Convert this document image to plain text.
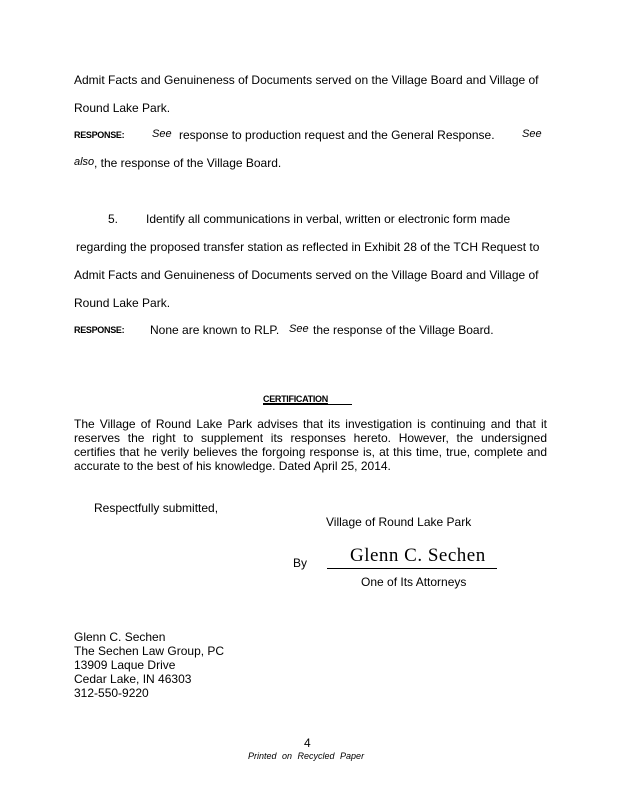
Admit Facts and Genuineness of Documents served on the Village Board and Village of
Round Lake Park.
RESPONSE:	See response to production request and the General Response. See
also , the response of the Village Board.
5. Identify all communications in verbal, written or electronic form made
regarding the proposed transfer station as reflected in Exhibit 28 of the TCH Request to
Admit Facts and Genuineness of Documents served on the Village Board and Village of
Round Lake Park.
RESPONSE: None are known to RLP. See the response of the Village Board.
CERTIFICATION
The Village of Round Lake Park advises that its investigation is continuing and that it reserves the right to supplement its responses hereto. However, the undersigned certifies that he verily believes the forgoing response is, at this time, true, complete and accurate to the best of his knowledge. Dated April 25, 2014.
Respectfully submitted,
Village of Round Lake Park
By Glenn C. Sechen
One of Its Attorneys
Glenn C. Sechen
The Sechen Law Group, PC
13909 Laque Drive
Cedar Lake, IN 46303
312-550-9220
4
Printed on Recycled Paper
